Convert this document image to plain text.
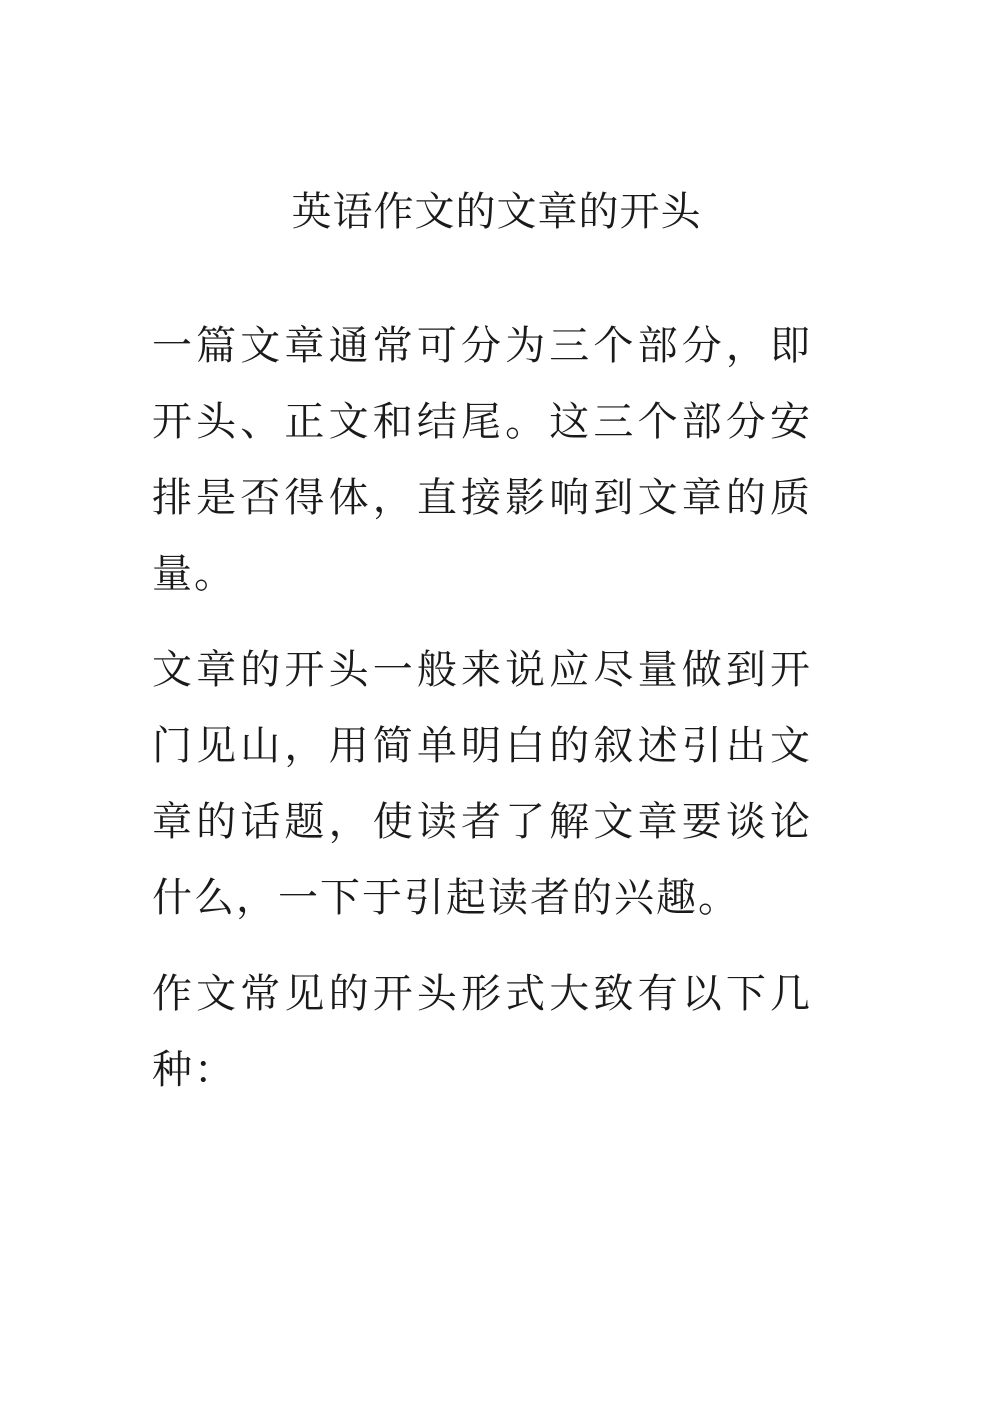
英语作文的文章的开头

一篇文章通常可分为三个部分，即开头、正文和结尾。这三个部分安排是否得体，直接影响到文章的质量。

文章的开头一般来说应尽量做到开门见山，用简单明白的叙述引出文章的话题，使读者了解文章要谈论什么，一下于引起读者的兴趣。

作文常见的开头形式大致有以下几种：
